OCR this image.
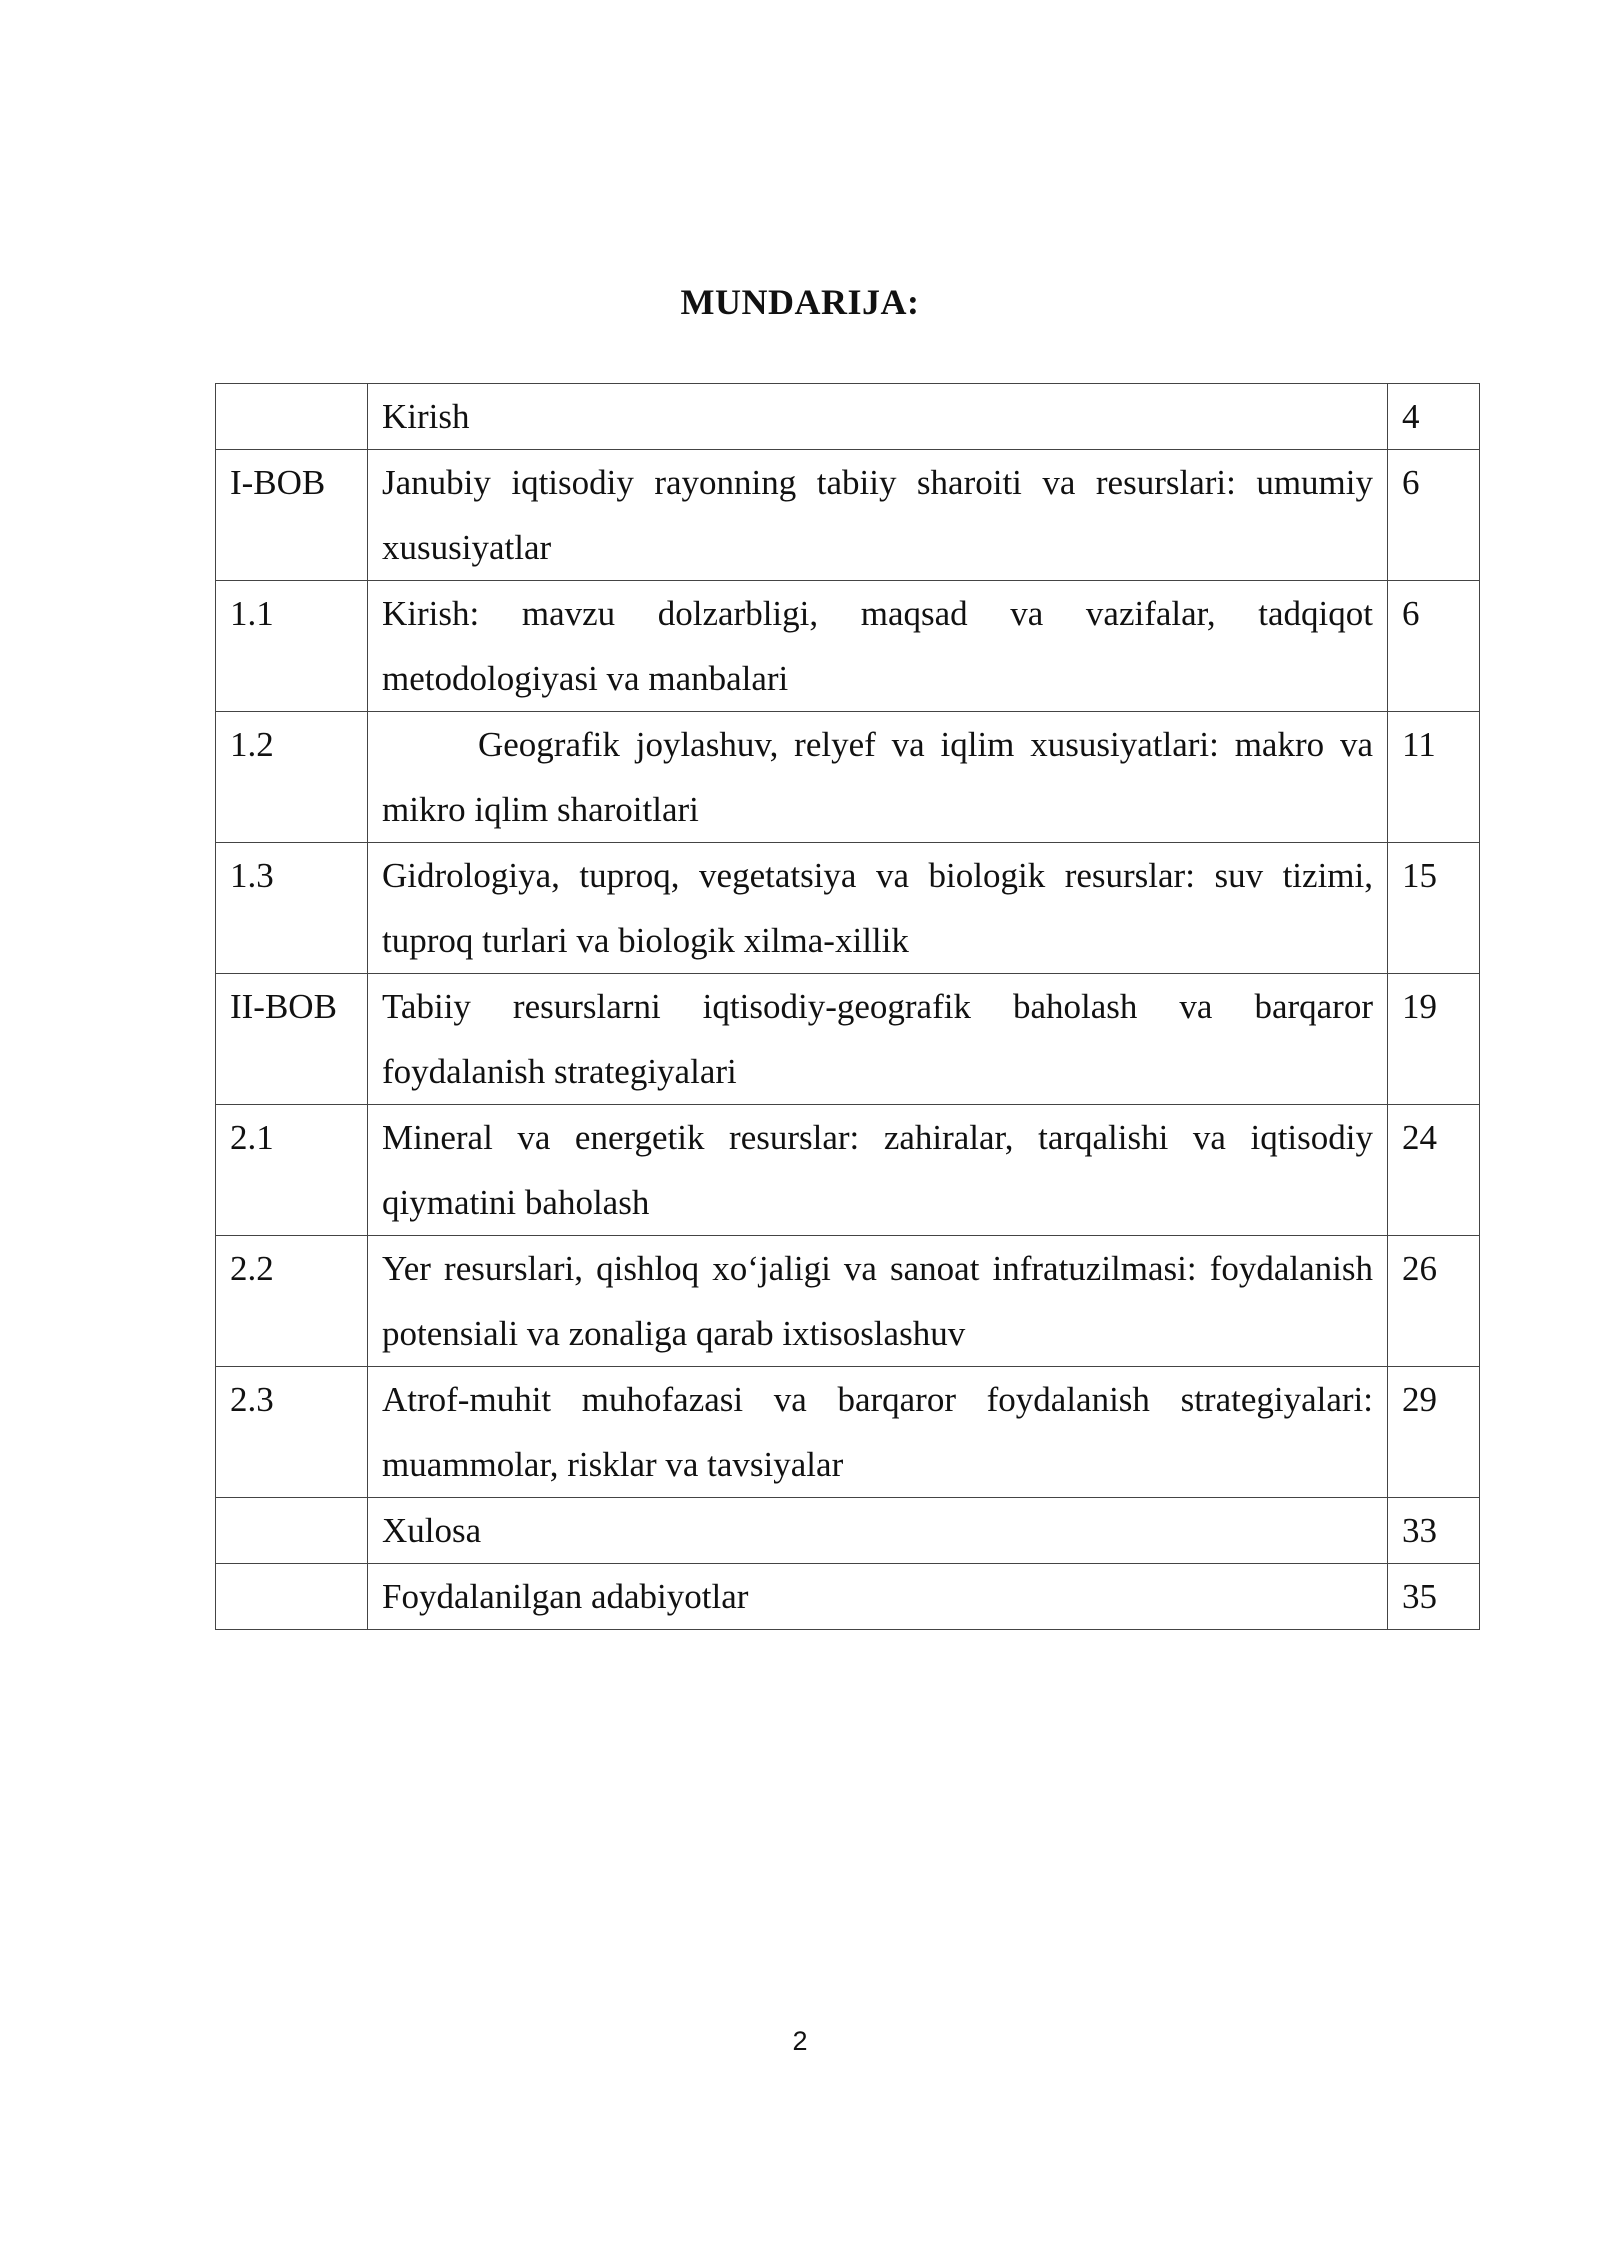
MUNDARIJA:
	Kirish	4
I-BOB	Janubiy iqtisodiy rayonning tabiiy sharoiti va resurslari: umumiy xususiyatlar	6
1.1	Kirish: mavzu dolzarbligi, maqsad va vazifalar, tadqiqot metodologiyasi va manbalari	6
1.2	Geografik joylashuv, relyef va iqlim xususiyatlari: makro va mikro iqlim sharoitlari	11
1.3	Gidrologiya, tuproq, vegetatsiya va biologik resurslar: suv tizimi, tuproq turlari va biologik xilma-xillik	15
II-BOB	Tabiiy resurslarni iqtisodiy-geografik baholash va barqaror foydalanish strategiyalari	19
2.1	Mineral va energetik resurslar: zahiralar, tarqalishi va iqtisodiy qiymatini baholash	24
2.2	Yer resurslari, qishloq xo‘jaligi va sanoat infratuzilmasi: foydalanish potensiali va zonaliga qarab ixtisoslashuv	26
2.3	Atrof-muhit muhofazasi va barqaror foydalanish strategiyalari: muammolar, risklar va tavsiyalar	29
	Xulosa	33
	Foydalanilgan adabiyotlar	35
2
